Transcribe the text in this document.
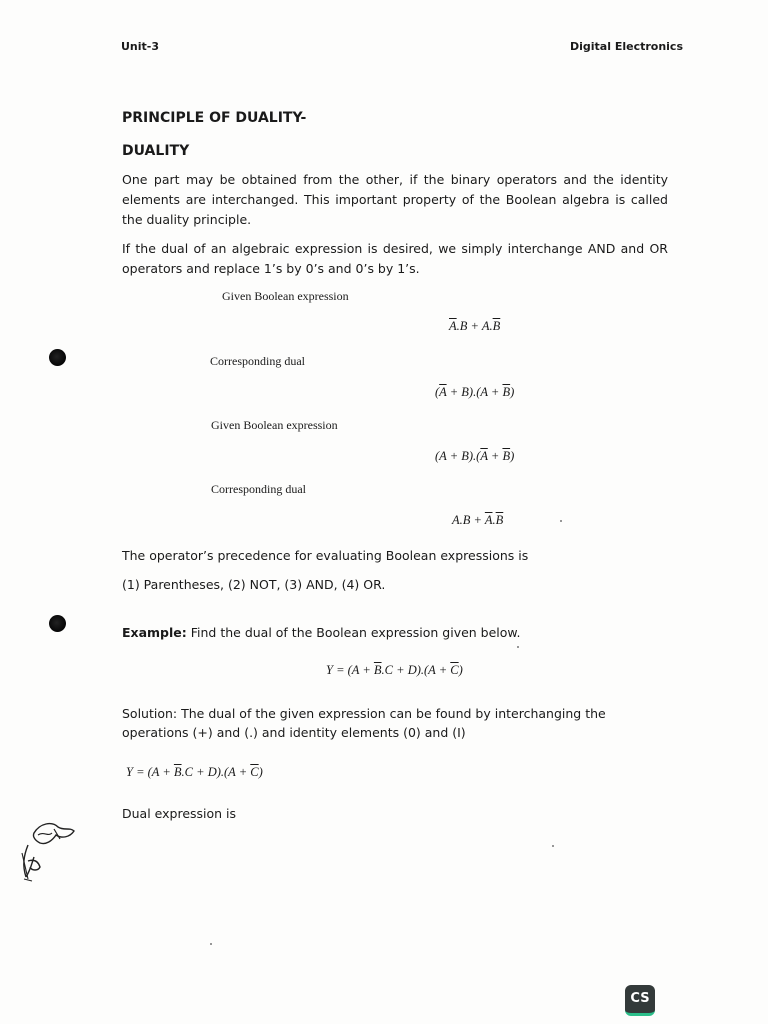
Unit-3	Digital Electronics
PRINCIPLE OF DUALITY-
DUALITY
One part may be obtained from the other, if the binary operators and the identity elements are interchanged. This important property of the Boolean algebra is called the duality principle.
If the dual of an algebraic expression is desired, we simply interchange AND and OR operators and replace 1’s by 0’s and 0’s by 1’s.
Given Boolean expression
$\overline{A}.B + A.\overline{B}$
Corresponding dual
$(\overline{A} + B).(A + \overline{B})$
Given Boolean expression
$(A + B).(\overline{A} + \overline{B})$
Corresponding dual
$A.B + \overline{A}.\overline{B}$
The operator’s precedence for evaluating Boolean expressions is
(1) Parentheses, (2) NOT, (3) AND, (4) OR.
Example: Find the dual of the Boolean expression given below.
$Y = (A + \overline{B}.C + D).(A + \overline{C})$
Solution: The dual of the given expression can be found by interchanging the
operations (+) and (.) and identity elements (0) and (I)
$Y = (A + \overline{B}.C + D).(A + \overline{C})$
Dual expression is
CS
